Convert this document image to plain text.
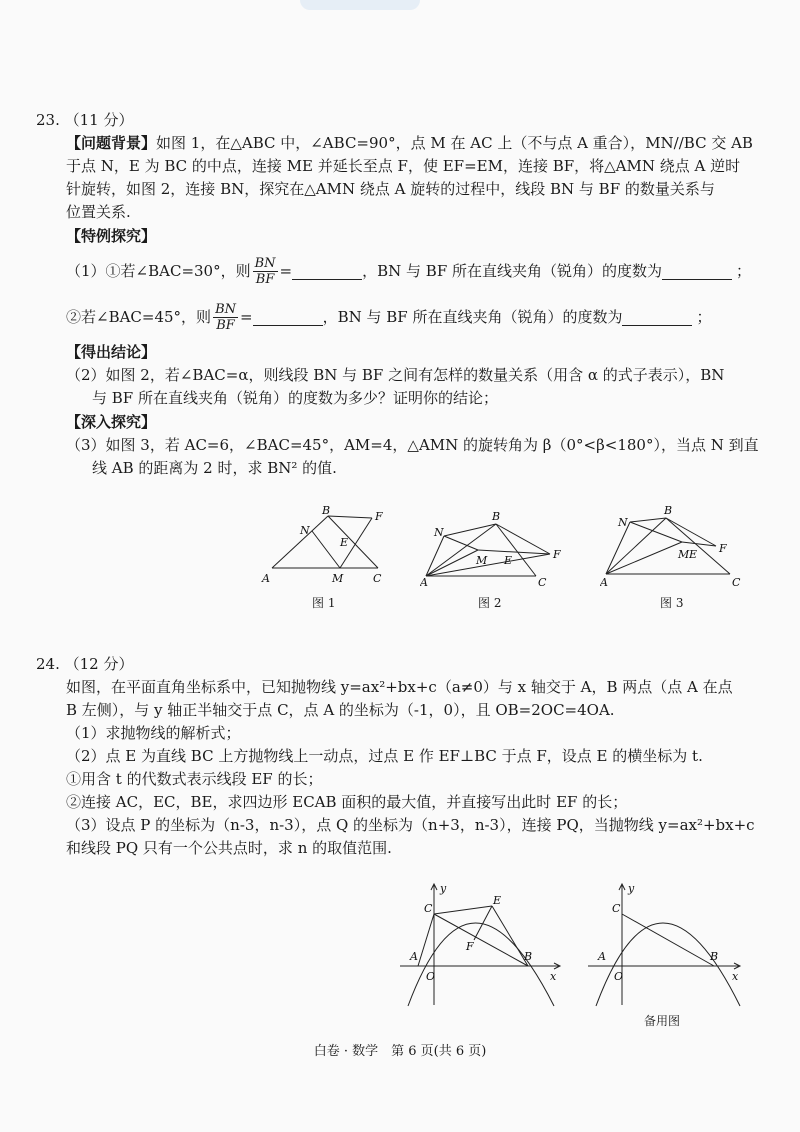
23. （11 分）
【问题背景】如图 1，在△ABC 中，∠ABC=90°，点 M 在 AC 上（不与点 A 重合），MN//BC 交 AB
于点 N，E 为 BC 的中点，连接 ME 并延长至点 F，使 EF=EM，连接 BF，将△AMN 绕点 A 逆时
针旋转，如图 2，连接 BN，探究在△AMN 绕点 A 旋转的过程中，线段 BN 与 BF 的数量关系与
位置关系.
【特例探究】
（1）①若∠BAC=30°，则 $\frac{BN}{BF}$ =	，BN 与 BF 所在直线夹角（锐角）的度数为	；
②若∠BAC=45°，则 $\frac{BN}{BF}$ =	，BN 与 BF 所在直线夹角（锐角）的度数为	；
【得出结论】
（2）如图 2，若∠BAC=α，则线段 BN 与 BF 之间有怎样的数量关系（用含 α 的式子表示），BN
与 BF 所在直线夹角（锐角）的度数为多少？证明你的结论；
【深入探究】
（3）如图 3，若 AC=6，∠BAC=45°，AM=4，△AMN 的旋转角为 β（0°<β<180°），当点 N 到直
线 AB 的距离为 2 时，求 BN² 的值.
A
B
C
M
N
E
F
图 1
A
B
C
N
M E	F
图 2
A
B
C
N
M E F
图 3
24. （12 分）
如图，在平面直角坐标系中，已知抛物线 y=ax²+bx+c（a≠0）与 x 轴交于 A，B 两点（点 A 在点
B 左侧），与 y 轴正半轴交于点 C，点 A 的坐标为（-1，0），且 OB=2OC=4OA.
（1）求抛物线的解析式；
（2）点 E 为直线 BC 上方抛物线上一动点，过点 E 作 EF⊥BC 于点 F，设点 E 的横坐标为 t.
①用含 t 的代数式表示线段 EF 的长；
②连接 AC，EC，BE，求四边形 ECAB 面积的最大值，并直接写出此时 EF 的长；
（3）设点 P 的坐标为（n-3，n-3），点 Q 的坐标为（n+3，n-3），连接 PQ，当抛物线 y=ax²+bx+c
和线段 PQ 只有一个公共点时，求 n 的取值范围.
A	B
C
E
F
O	x
y
A	B
C
O	x
y
备用图
白卷 · 数学　第 6 页(共 6 页)
